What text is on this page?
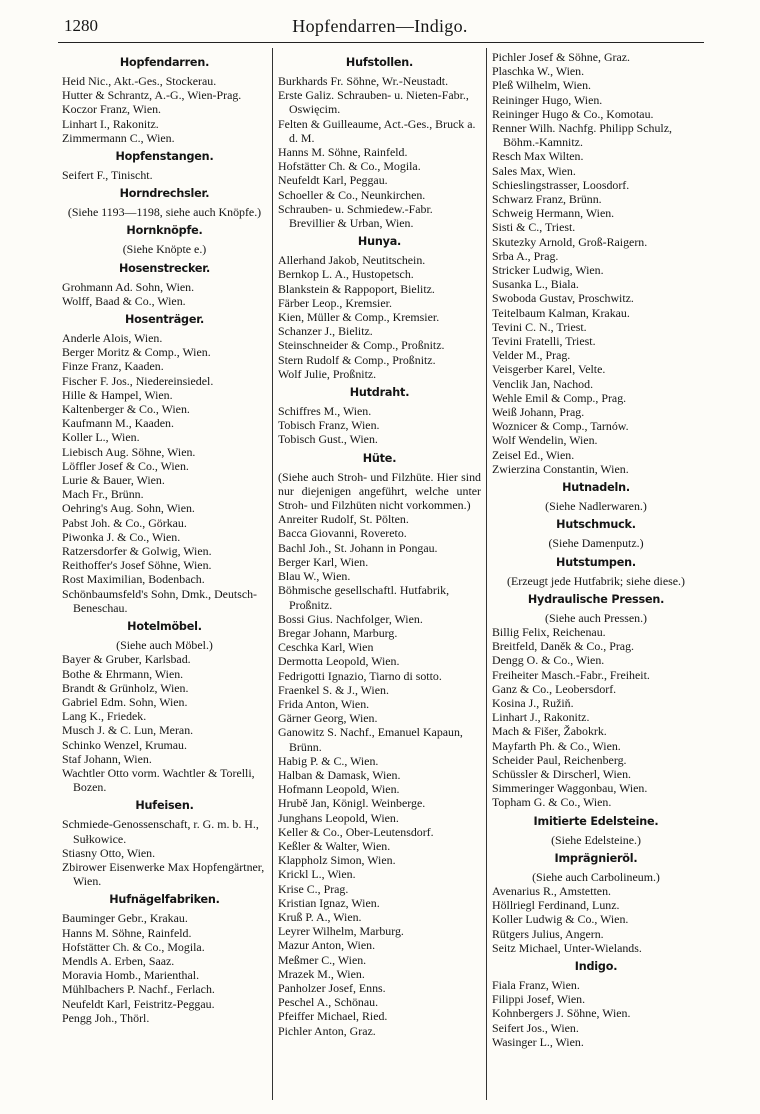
1280	Hopfendarren—Indigo.
Hopfendarren.
Heid Nic., Akt.-Ges., Stockerau.
Hutter & Schrantz, A.-G., Wien-Prag.
Koczor Franz, Wien.
Linhart I., Rakonitz.
Zimmermann C., Wien.
Hopfenstangen.
Seifert F., Tinischt.
Horndrechsler.
(Siehe 1193—1198, siehe auch Knöpfe.)
Hornknöpfe.
(Siehe Knöpte e.)
Hosenstrecker.
Grohmann Ad. Sohn, Wien.
Wolff, Baad & Co., Wien.
Hosenträger.
Anderle Alois, Wien.
Berger Moritz & Comp., Wien.
Finze Franz, Kaaden.
Fischer F. Jos., Niedereinsiedel.
Hille & Hampel, Wien.
Kaltenberger & Co., Wien.
Kaufmann M., Kaaden.
Koller L., Wien.
Liebisch Aug. Söhne, Wien.
Löffler Josef & Co., Wien.
Lurie & Bauer, Wien.
Mach Fr., Brünn.
Oehring's Aug. Sohn, Wien.
Pabst Joh. & Co., Görkau.
Piwonka J. & Co., Wien.
Ratzersdorfer & Golwig, Wien.
Reithoffer's Josef Söhne, Wien.
Rost Maximilian, Bodenbach.
Schönbaumsfeld's Sohn, Dmk., Deutsch-Beneschau.
Hotelmöbel.
(Siehe auch Möbel.)
Bayer & Gruber, Karlsbad.
Bothe & Ehrmann, Wien.
Brandt & Grünholz, Wien.
Gabriel Edm. Sohn, Wien.
Lang K., Friedek.
Musch J. & C. Lun, Meran.
Schinko Wenzel, Krumau.
Staf Johann, Wien.
Wachtler Otto vorm. Wachtler & Torelli, Bozen.
Hufeisen.
Schmiede-Genossenschaft, r. G. m. b. H., Sułkowice.
Stiasny Otto, Wien.
Zbirower Eisenwerke Max Hopfengärtner, Wien.
Hufnägelfabriken.
Bauminger Gebr., Krakau.
Hanns M. Söhne, Rainfeld.
Hofstätter Ch. & Co., Mogila.
Mendls A. Erben, Saaz.
Moravia Homb., Marienthal.
Mühlbachers P. Nachf., Ferlach.
Neufeldt Karl, Feistritz-Peggau.
Pengg Joh., Thörl.
Hufstollen.
Burkhards Fr. Söhne, Wr.-Neustadt.
Erste Galiz. Schrauben- u. Nieten-Fabr., Oswięcim.
Felten & Guilleaume, Act.-Ges., Bruck a. d. M.
Hanns M. Söhne, Rainfeld.
Hofstätter Ch. & Co., Mogila.
Neufeldt Karl, Peggau.
Schoeller & Co., Neunkirchen.
Schrauben- u. Schmiedew.-Fabr. Brevillier & Urban, Wien.
Hunya.
Allerhand Jakob, Neutitschein.
Bernkop L. A., Hustopetsch.
Blankstein & Rappoport, Bielitz.
Färber Leop., Kremsier.
Kien, Müller & Comp., Kremsier.
Schanzer J., Bielitz.
Steinschneider & Comp., Proßnitz.
Stern Rudolf & Comp., Proßnitz.
Wolf Julie, Proßnitz.
Hutdraht.
Schiffres M., Wien.
Tobisch Franz, Wien.
Tobisch Gust., Wien.
Hüte.
(Siehe auch Stroh- und Filzhüte. Hier sind nur diejenigen angeführt, welche unter Stroh- und Filzhüten nicht vorkommen.)
Anreiter Rudolf, St. Pölten.
Bacca Giovanni, Rovereto.
Bachl Joh., St. Johann in Pongau.
Berger Karl, Wien.
Blau W., Wien.
Böhmische gesellschaftl. Hutfabrik, Proßnitz.
Bossi Gius. Nachfolger, Wien.
Bregar Johann, Marburg.
Ceschka Karl, Wien
Dermotta Leopold, Wien.
Fedrigotti Ignazio, Tiarno di sotto.
Fraenkel S. & J., Wien.
Frida Anton, Wien.
Gärner Georg, Wien.
Ganowitz S. Nachf., Emanuel Kapaun, Brünn.
Habig P. & C., Wien.
Halban & Damask, Wien.
Hofmann Leopold, Wien.
Hrubě Jan, Königl. Weinberge.
Junghans Leopold, Wien.
Keller & Co., Ober-Leutensdorf.
Keßler & Walter, Wien.
Klappholz Simon, Wien.
Krickl L., Wien.
Krise C., Prag.
Kristian Ignaz, Wien.
Kruß P. A., Wien.
Leyrer Wilhelm, Marburg.
Mazur Anton, Wien.
Meßmer C., Wien.
Mrazek M., Wien.
Panholzer Josef, Enns.
Peschel A., Schönau.
Pfeiffer Michael, Ried.
Pichler Anton, Graz.
Pichler Josef & Söhne, Graz.
Plaschka W., Wien.
Pleß Wilhelm, Wien.
Reininger Hugo, Wien.
Reininger Hugo & Co., Komotau.
Renner Wilh. Nachfg. Philipp Schulz, Böhm.-Kamnitz.
Resch Max Wilten.
Sales Max, Wien.
Schieslingstrasser, Loosdorf.
Schwarz Franz, Brünn.
Schweig Hermann, Wien.
Sisti & C., Triest.
Skutezky Arnold, Groß-Raigern.
Srba A., Prag.
Stricker Ludwig, Wien.
Susanka L., Biala.
Swoboda Gustav, Proschwitz.
Teitelbaum Kalman, Krakau.
Tevini C. N., Triest.
Tevini Fratelli, Triest.
Velder M., Prag.
Veisgerber Karel, Velte.
Venclik Jan, Nachod.
Wehle Emil & Comp., Prag.
Weiß Johann, Prag.
Woznicer & Comp., Tarnów.
Wolf Wendelin, Wien.
Zeisel Ed., Wien.
Zwierzina Constantin, Wien.
Hutnadeln.
(Siehe Nadlerwaren.)
Hutschmuck.
(Siehe Damenputz.)
Hutstumpen.
(Erzeugt jede Hutfabrik; siehe diese.)
Hydraulische Pressen.
(Siehe auch Pressen.)
Billig Felix, Reichenau.
Breitfeld, Daněk & Co., Prag.
Dengg O. & Co., Wien.
Freiheiter Masch.-Fabr., Freiheit.
Ganz & Co., Leobersdorf.
Kosina J., Ružiň.
Linhart J., Rakonitz.
Mach & Fišer, Žabokrk.
Mayfarth Ph. & Co., Wien.
Scheider Paul, Reichenberg.
Schüssler & Dirscherl, Wien.
Simmeringer Waggonbau, Wien.
Topham G. & Co., Wien.
Imitierte Edelsteine.
(Siehe Edelsteine.)
Imprägnieröl.
(Siehe auch Carbolineum.)
Avenarius R., Amstetten.
Höllriegl Ferdinand, Lunz.
Koller Ludwig & Co., Wien.
Rütgers Julius, Angern.
Seitz Michael, Unter-Wielands.
Indigo.
Fiala Franz, Wien.
Filippi Josef, Wien.
Kohnbergers J. Söhne, Wien.
Seifert Jos., Wien.
Wasinger L., Wien.
